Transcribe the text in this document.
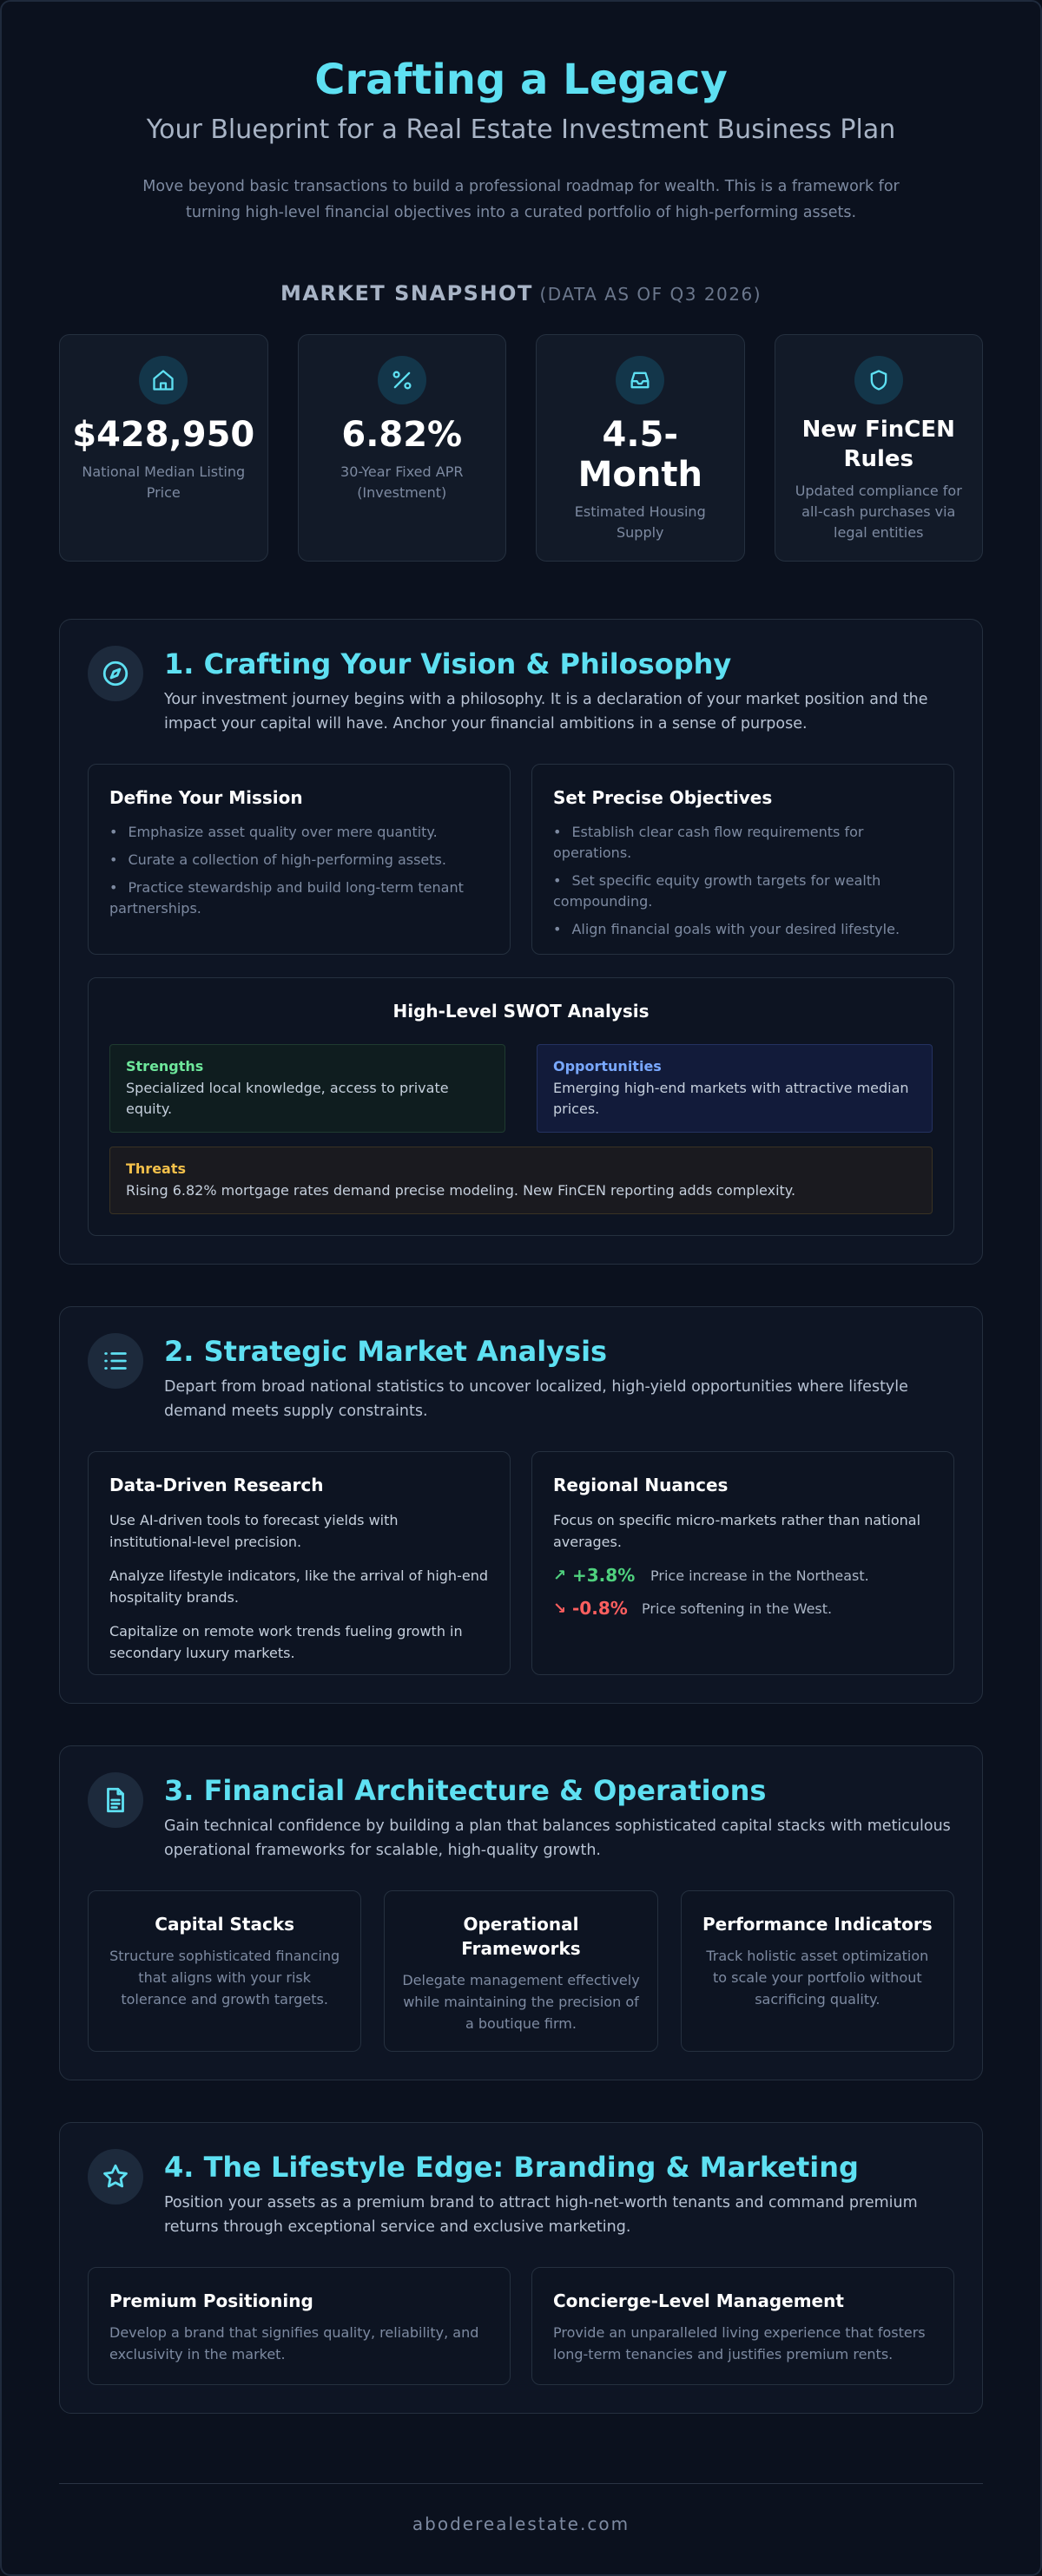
Crafting a Legacy

Your Blueprint for a Real Estate Investment Business Plan

Move beyond basic transactions to build a professional roadmap for wealth. This is a framework for turning high-level financial objectives into a curated portfolio of high-performing assets.

MARKET SNAPSHOT (DATA AS OF Q3 2026)
$428,950
National Median Listing Price
6.82%
30-Year Fixed APR (Investment)
4.5-Month
Estimated Housing Supply
New FinCEN Rules
Updated compliance for all-cash purchases via legal entities
1. Crafting Your Vision & Philosophy

Your investment journey begins with a philosophy. It is a declaration of your market position and the impact your capital will have. Anchor your financial ambitions in a sense of purpose.

Define Your Mission
• Emphasize asset quality over mere quantity.
• Curate a collection of high-performing assets.
• Practice stewardship and build long-term tenant partnerships.
Set Precise Objectives
• Establish clear cash flow requirements for operations.
• Set specific equity growth targets for wealth compounding.
• Align financial goals with your desired lifestyle.
High-Level SWOT Analysis
Strengths
Specialized local knowledge, access to private equity.
Opportunities
Emerging high-end markets with attractive median prices.
Threats
Rising 6.82% mortgage rates demand precise modeling. New FinCEN reporting adds complexity.
2. Strategic Market Analysis

Depart from broad national statistics to uncover localized, high-yield opportunities where lifestyle demand meets supply constraints.

Data-Driven Research

Use AI-driven tools to forecast yields with institutional-level precision.

Analyze lifestyle indicators, like the arrival of high-end hospitality brands.

Capitalize on remote work trends fueling growth in secondary luxury markets.

Regional Nuances

Focus on specific micro-markets rather than national averages.

↗ +3.8%	Price increase in the Northeast.
↘ -0.8%	Price softening in the West.
3. Financial Architecture & Operations

Gain technical confidence by building a plan that balances sophisticated capital stacks with meticulous operational frameworks for scalable, high-quality growth.

Capital Stacks

Structure sophisticated financing that aligns with your risk tolerance and growth targets.

Operational Frameworks

Delegate management effectively while maintaining the precision of a boutique firm.

Performance Indicators

Track holistic asset optimization to scale your portfolio without sacrificing quality.

4. The Lifestyle Edge: Branding & Marketing

Position your assets as a premium brand to attract high-net-worth tenants and command premium returns through exceptional service and exclusive marketing.

Premium Positioning

Develop a brand that signifies quality, reliability, and exclusivity in the market.

Concierge-Level Management

Provide an unparalleled living experience that fosters long-term tenancies and justifies premium rents.

aboderealestate.com
